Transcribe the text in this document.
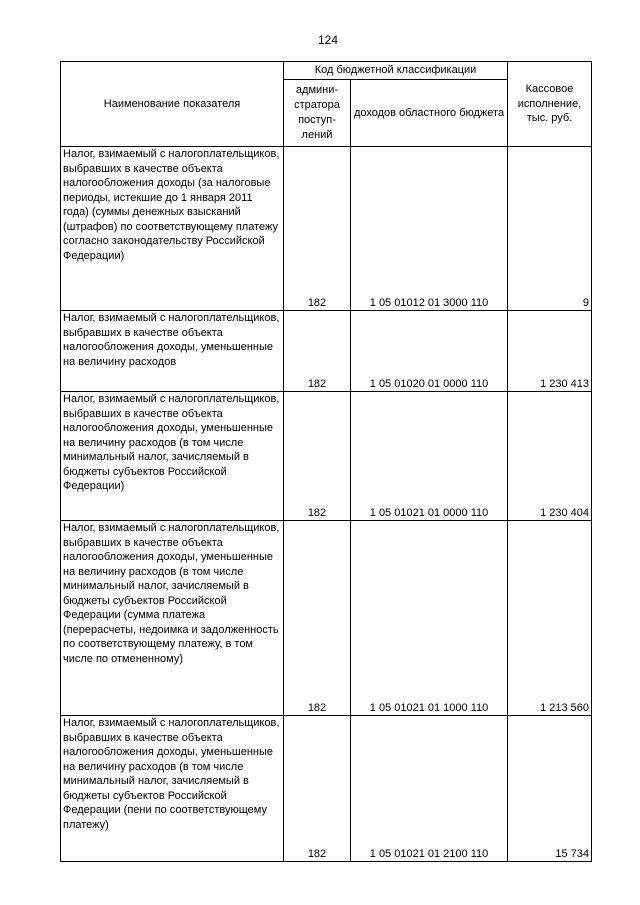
124
Наименование показателя	Код бюджетной классификации		Кассовое исполнение, тыс. руб.
	админи-стратора поступ-лений	доходов областного бюджета	
Налог, взимаемый с налогоплательщиков, выбравших в качестве объекта налогообложения доходы (за налоговые периоды, истекшие до 1 января 2011 года) (суммы денежных взысканий (штрафов) по соответствующему платежу согласно законодательству Российской Федерации)	182	1 05 01012 01 3000 110	9
Налог, взимаемый с налогоплательщиков, выбравших в качестве объекта налогообложения доходы, уменьшенные на величину расходов	182	1 05 01020 01 0000 110	1 230 413
Налог, взимаемый с налогоплательщиков, выбравших в качестве объекта налогообложения доходы, уменьшенные на величину расходов (в том числе минимальный налог, зачисляемый в бюджеты субъектов Российской Федерации)	182	1 05 01021 01 0000 110	1 230 404
Налог, взимаемый с налогоплательщиков, выбравших в качестве объекта налогообложения доходы, уменьшенные на величину расходов (в том числе минимальный налог, зачисляемый в бюджеты субъектов Российской Федерации (сумма платежа (перерасчеты, недоимка и задолженность по соответствующему платежу, в том числе по отмененному)	182	1 05 01021 01 1000 110	1 213 560
Налог, взимаемый с налогоплательщиков, выбравших в качестве объекта налогообложения доходы, уменьшенные на величину расходов (в том числе минимальный налог, зачисляемый в бюджеты субъектов Российской Федерации (пени по соответствующему платежу)	182	1 05 01021 01 2100 110	15 734
